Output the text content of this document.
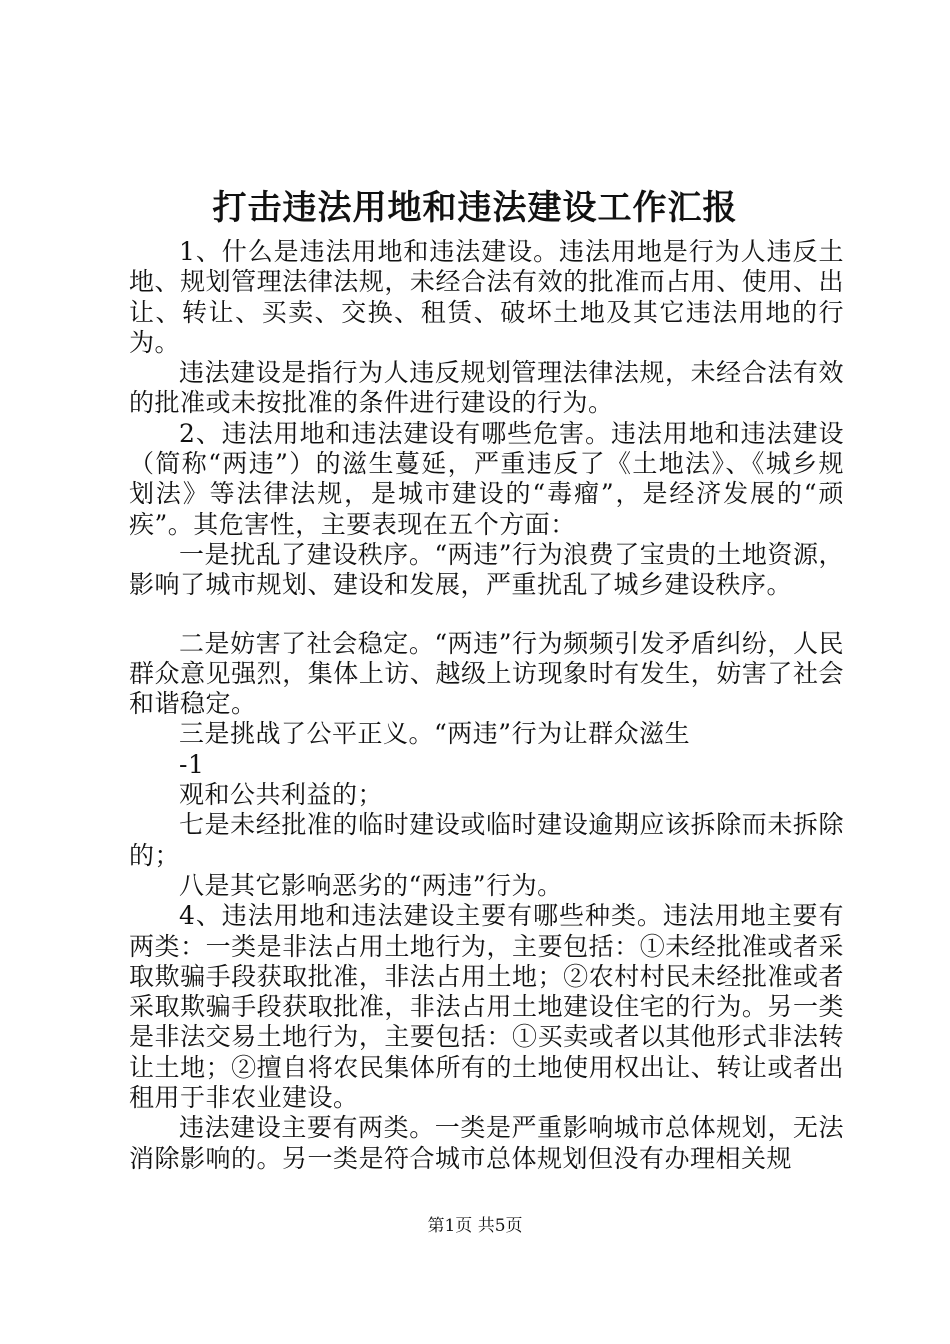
打击违法用地和违法建设工作汇报

1、什么是违法用地和违法建设。违法用地是行为人违反土地、规划管理法律法规，未经合法有效的批准而占用、使用、出让、转让、买卖、交换、租赁、破坏土地及其它违法用地的行为。

违法建设是指行为人违反规划管理法律法规，未经合法有效的批准或未按批准的条件进行建设的行为。

2、违法用地和违法建设有哪些危害。违法用地和违法建设（简称“两违”）的滋生蔓延，严重违反了《土地法》、《城乡规划法》等法律法规，是城市建设的“毒瘤”，是经济发展的“顽疾”。其危害性，主要表现在五个方面：

一是扰乱了建设秩序。“两违”行为浪费了宝贵的土地资源，影响了城市规划、建设和发展，严重扰乱了城乡建设秩序。

二是妨害了社会稳定。“两违”行为频频引发矛盾纠纷，人民群众意见强烈，集体上访、越级上访现象时有发生，妨害了社会和谐稳定。

三是挑战了公平正义。“两违”行为让群众滋生

-1

观和公共利益的；

七是未经批准的临时建设或临时建设逾期应该拆除而未拆除的；

八是其它影响恶劣的“两违”行为。

4、违法用地和违法建设主要有哪些种类。违法用地主要有两类：一类是非法占用土地行为，主要包括：①未经批准或者采取欺骗手段获取批准，非法占用土地；②农村村民未经批准或者采取欺骗手段获取批准，非法占用土地建设住宅的行为。另一类是非法交易土地行为，主要包括：①买卖或者以其他形式非法转让土地；②擅自将农民集体所有的土地使用权出让、转让或者出租用于非农业建设。

违法建设主要有两类。一类是严重影响城市总体规划，无法消除影响的。另一类是符合城市总体规划但没有办理相关规

第1页 共5页
